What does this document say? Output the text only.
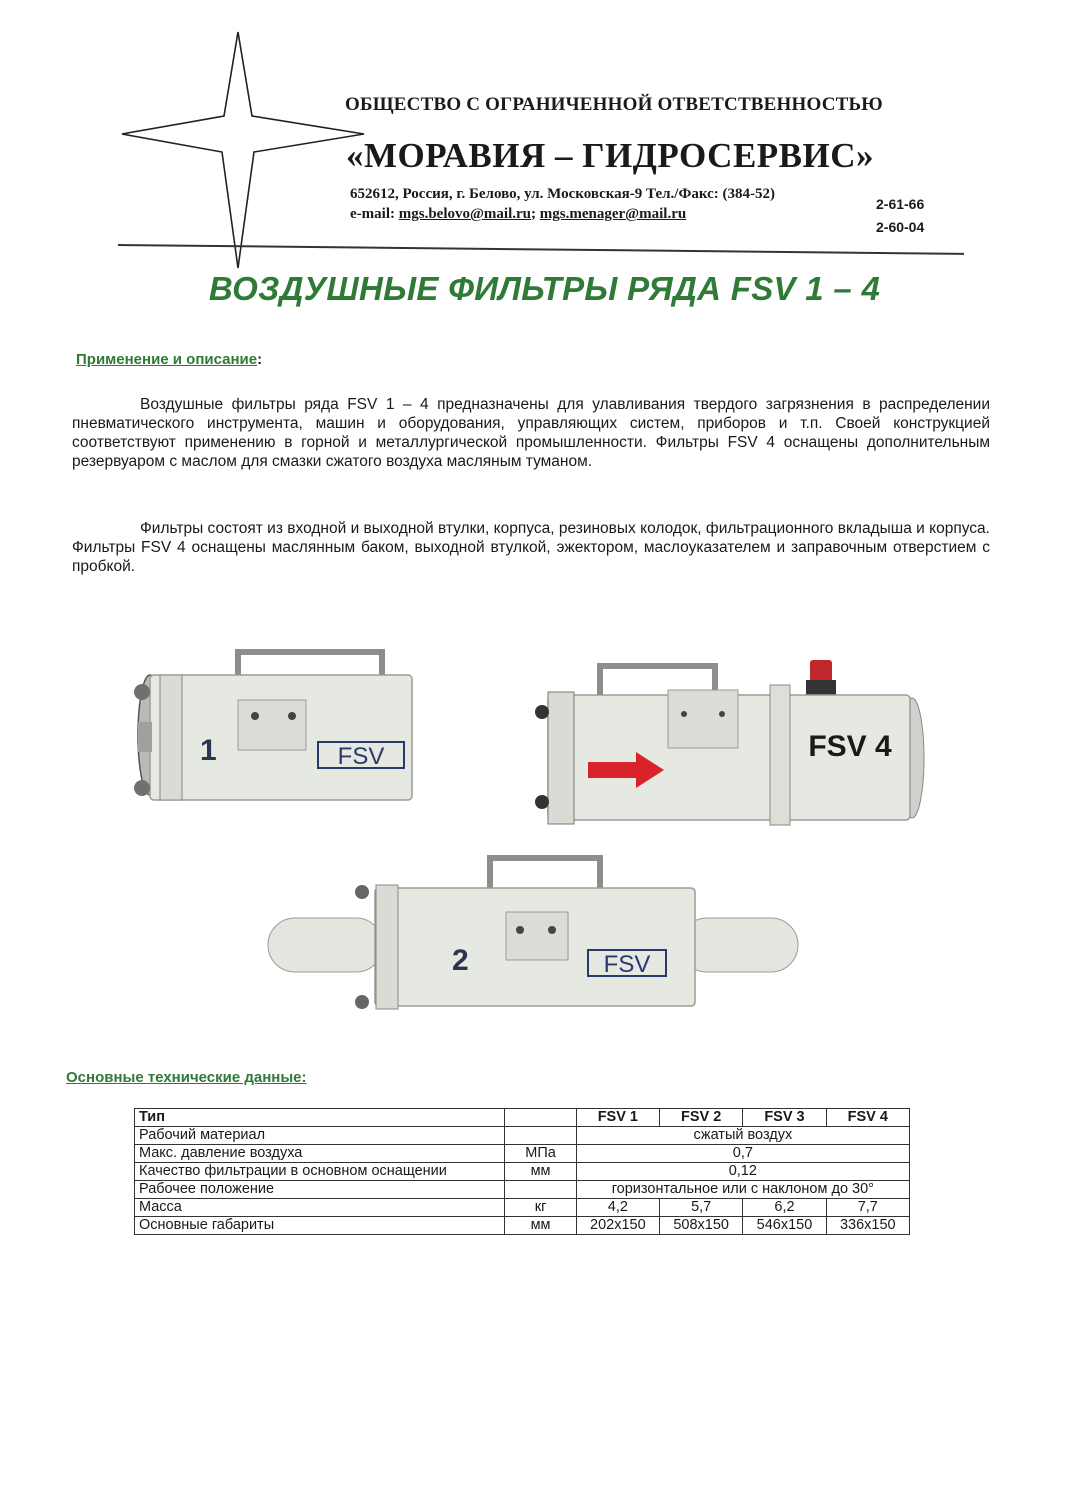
ОБЩЕСТВО С ОГРАНИЧЕННОЙ ОТВЕТСТВЕННОСТЬЮ
«МОРАВИЯ – ГИДРОСЕРВИС»
652612, Россия, г. Белово, ул. Московская-9 Тел./Факс: (384-52)
e-mail: mgs.belovo@mail.ru; mgs.menager@mail.ru
2-61-66
2-60-04
ВОЗДУШНЫЕ ФИЛЬТРЫ РЯДА FSV 1 – 4
Применение и описание:
Воздушные фильтры ряда FSV 1 – 4 предназначены для улавливания твердого загрязнения в распределении пневматического инструмента, машин и оборудования, управляющих систем, приборов и т.п. Своей конструкцией соответствуют применению в горной и металлургической промышленности. Фильтры FSV 4 оснащены дополнительным резервуаром с маслом для смазки сжатого воздуха масляным туманом.
Фильтры состоят из входной и выходной втулки, корпуса, резиновых колодок, фильтрационного вкладыша и корпуса. Фильтры FSV 4 оснащены маслянным баком, выходной втулкой, эжектором, маслоуказателем и заправочным отверстием с пробкой.
1	FSV	FSV 4
2	FSV
Основные технические данные:
Тип		FSV 1	FSV 2	FSV 3	FSV 4
Рабочий материал		сжатый воздух			
Макс. давление воздуха	МПа	0,7			
Качество фильтрации в основном оснащении	мм	0,12			
Рабочее положение		горизонтальное или с наклоном до 30°			
Масса	кг	4,2	5,7	6,2	7,7
Основные габариты	мм	202x150	508x150	546x150	336x150
